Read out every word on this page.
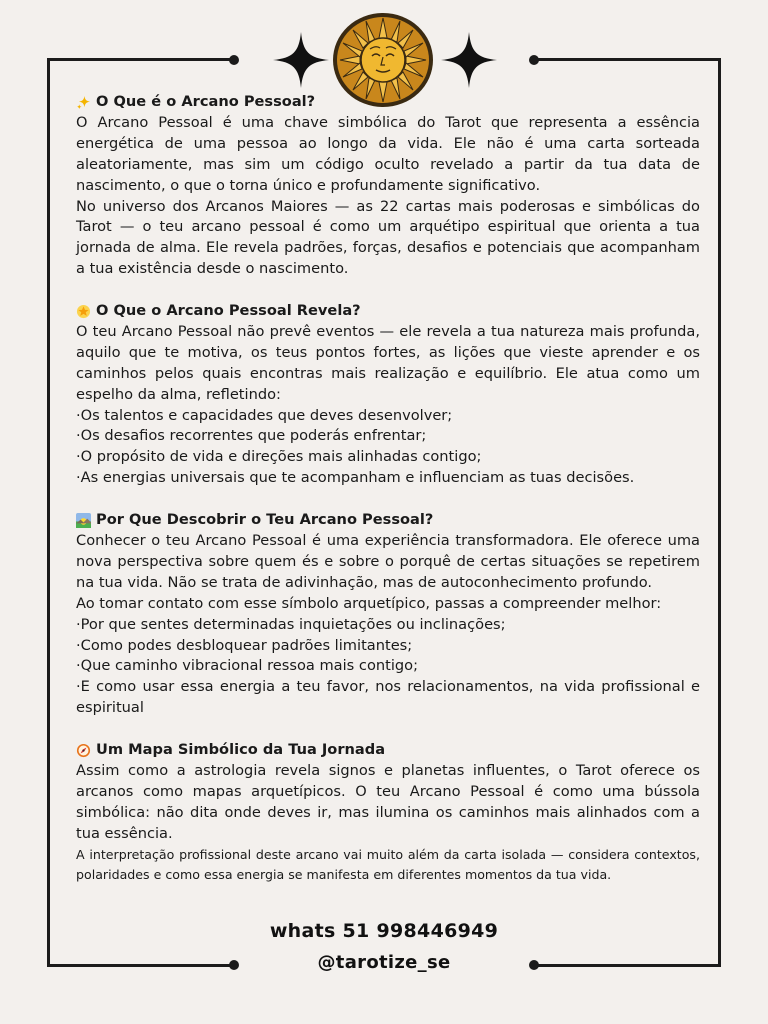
O Que é o Arcano Pessoal?

O Arcano Pessoal é uma chave simbólica do Tarot que representa a essência energética de uma pessoa ao longo da vida. Ele não é uma carta sorteada aleatoriamente, mas sim um código oculto revelado a partir da tua data de nascimento, o que o torna único e profundamente significativo.

No universo dos Arcanos Maiores — as 22 cartas mais poderosas e simbólicas do Tarot — o teu arcano pessoal é como um arquétipo espiritual que orienta a tua jornada de alma. Ele revela padrões, forças, desafios e potenciais que acompanham a tua existência desde o nascimento.

O Que o Arcano Pessoal Revela?

O teu Arcano Pessoal não prevê eventos — ele revela a tua natureza mais profunda, aquilo que te motiva, os teus pontos fortes, as lições que vieste aprender e os caminhos pelos quais encontras mais realização e equilíbrio. Ele atua como um espelho da alma, refletindo:

·Os talentos e capacidades que deves desenvolver;

·Os desafios recorrentes que poderás enfrentar;

·O propósito de vida e direções mais alinhadas contigo;

·As energias universais que te acompanham e influenciam as tuas decisões.

Por Que Descobrir o Teu Arcano Pessoal?

Conhecer o teu Arcano Pessoal é uma experiência transformadora. Ele oferece uma nova perspectiva sobre quem és e sobre o porquê de certas situações se repetirem na tua vida. Não se trata de adivinhação, mas de autoconhecimento profundo.

Ao tomar contato com esse símbolo arquetípico, passas a compreender melhor:

·Por que sentes determinadas inquietações ou inclinações;

·Como podes desbloquear padrões limitantes;

·Que caminho vibracional ressoa mais contigo;

·E como usar essa energia a teu favor, nos relacionamentos, na vida profissional e espiritual

Um Mapa Simbólico da Tua Jornada

Assim como a astrologia revela signos e planetas influentes, o Tarot oferece os arcanos como mapas arquetípicos. O teu Arcano Pessoal é como uma bússola simbólica: não dita onde deves ir, mas ilumina os caminhos mais alinhados com a tua essência.

A interpretação profissional deste arcano vai muito além da carta isolada — considera contextos, polaridades e como essa energia se manifesta em diferentes momentos da tua vida.

whats 51 998446949
@tarotize_se
